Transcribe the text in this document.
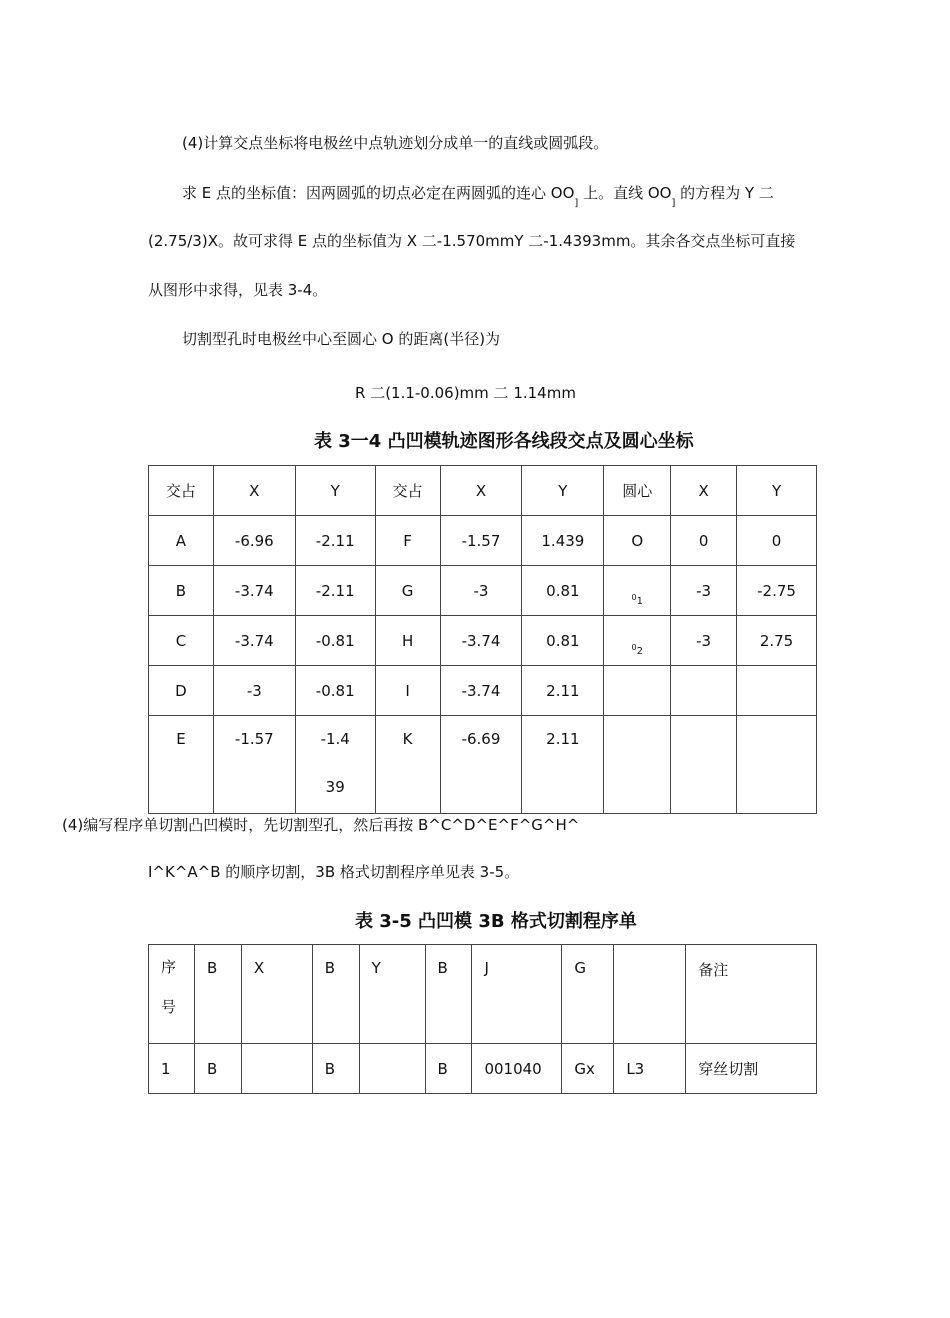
(4)计算交点坐标将电极丝中点轨迹划分成单一的直线或圆弧段。
求 E 点的坐标值：因两圆弧的切点必定在两圆弧的连心 $OO_]$ 上。直线 $OO_]$ 的方程为 Y 二
(2.75/3)X。故可求得 E 点的坐标值为 X 二-1.570mmY 二-1.4393mm。其余各交点坐标可直接
从图形中求得，见表 3-4。
切割型孔时电极丝中心至圆心 O 的距离(半径)为
R 二(1.1-0.06)mm 二 1.14mm
表 3一4 凸凹模轨迹图形各线段交点及圆心坐标
交占	X	Y	交占	X	Y	圆心	X	Y
A	-6.96	-2.11	F	-1.57	1.439	O	0	0
B	-3.74	-2.11	G	-3	0.81	$_{01}$	-3	-2.75
C	-3.74	-0.81	H	-3.74	0.81	$_{02}$	-3	2.75
D	-3	-0.81	I	-3.74	2.11			
E	-1.57	-1.4
39	K	-6.69	2.11			
(4)编写程序单切割凸凹模时，先切割型孔，然后再按 B^C^D^E^F^G^H^
I^K^A^B 的顺序切割，3B 格式切割程序单见表 3-5。
表 3-5 凸凹模 3B 格式切割程序单
序
号	B	X	B	Y	B	J	G		备注
1	B		B		B	001040	Gx	L3	穿丝切割
